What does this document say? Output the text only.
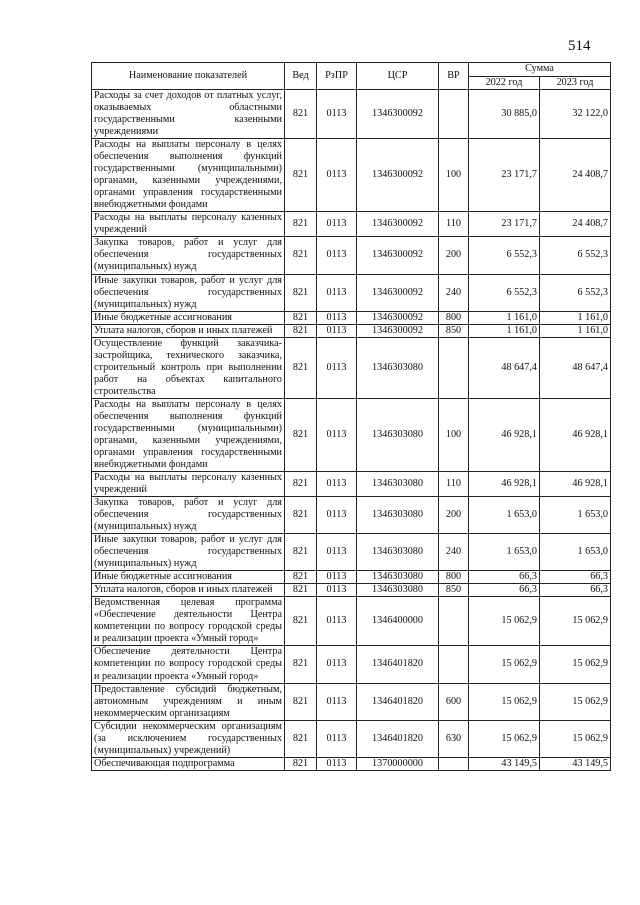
514
Наименование показателей	Вед	РзПР	ЦСР	ВР	Сумма	
					2022 год	2023 год
Расходы за счет доходов от платных услуг, оказываемых областными государственными казенными учреждениями	821	0113	1346300092		30 885,0	32 122,0
Расходы на выплаты персоналу в целях обеспечения выполнения функций государственными (муниципальными) органами, казенными учреждениями, органами управления государственными внебюджетными фондами	821	0113	1346300092	100	23 171,7	24 408,7
Расходы на выплаты персоналу казенных учреждений	821	0113	1346300092	110	23 171,7	24 408,7
Закупка товаров, работ и услуг для обеспечения государственных (муниципальных) нужд	821	0113	1346300092	200	6 552,3	6 552,3
Иные закупки товаров, работ и услуг для обеспечения государственных (муниципальных) нужд	821	0113	1346300092	240	6 552,3	6 552,3
Иные бюджетные ассигнования	821	0113	1346300092	800	1 161,0	1 161,0
Уплата налогов, сборов и иных платежей	821	0113	1346300092	850	1 161,0	1 161,0
Осуществление функций заказчика-застройщика, технического заказчика, строительный контроль при выполнении работ на объектах капитального строительства	821	0113	1346303080		48 647,4	48 647,4
Расходы на выплаты персоналу в целях обеспечения выполнения функций государственными (муниципальными) органами, казенными учреждениями, органами управления государственными внебюджетными фондами	821	0113	1346303080	100	46 928,1	46 928,1
Расходы на выплаты персоналу казенных учреждений	821	0113	1346303080	110	46 928,1	46 928,1
Закупка товаров, работ и услуг для обеспечения государственных (муниципальных) нужд	821	0113	1346303080	200	1 653,0	1 653,0
Иные закупки товаров, работ и услуг для обеспечения государственных (муниципальных) нужд	821	0113	1346303080	240	1 653,0	1 653,0
Иные бюджетные ассигнования	821	0113	1346303080	800	66,3	66,3
Уплата налогов, сборов и иных платежей	821	0113	1346303080	850	66,3	66,3
Ведомственная целевая программа «Обеспечение деятельности Центра компетенции по вопросу городской среды и реализации проекта «Умный город»	821	0113	1346400000		15 062,9	15 062,9
Обеспечение деятельности Центра компетенции по вопросу городской среды и реализации проекта «Умный город»	821	0113	1346401820		15 062,9	15 062,9
Предоставление субсидий бюджетным, автономным учреждениям и иным некоммерческим организациям	821	0113	1346401820	600	15 062,9	15 062,9
Субсидии некоммерческим организациям (за исключением государственных (муниципальных) учреждений)	821	0113	1346401820	630	15 062,9	15 062,9
Обеспечивающая подпрограмма	821	0113	1370000000		43 149,5	43 149,5
